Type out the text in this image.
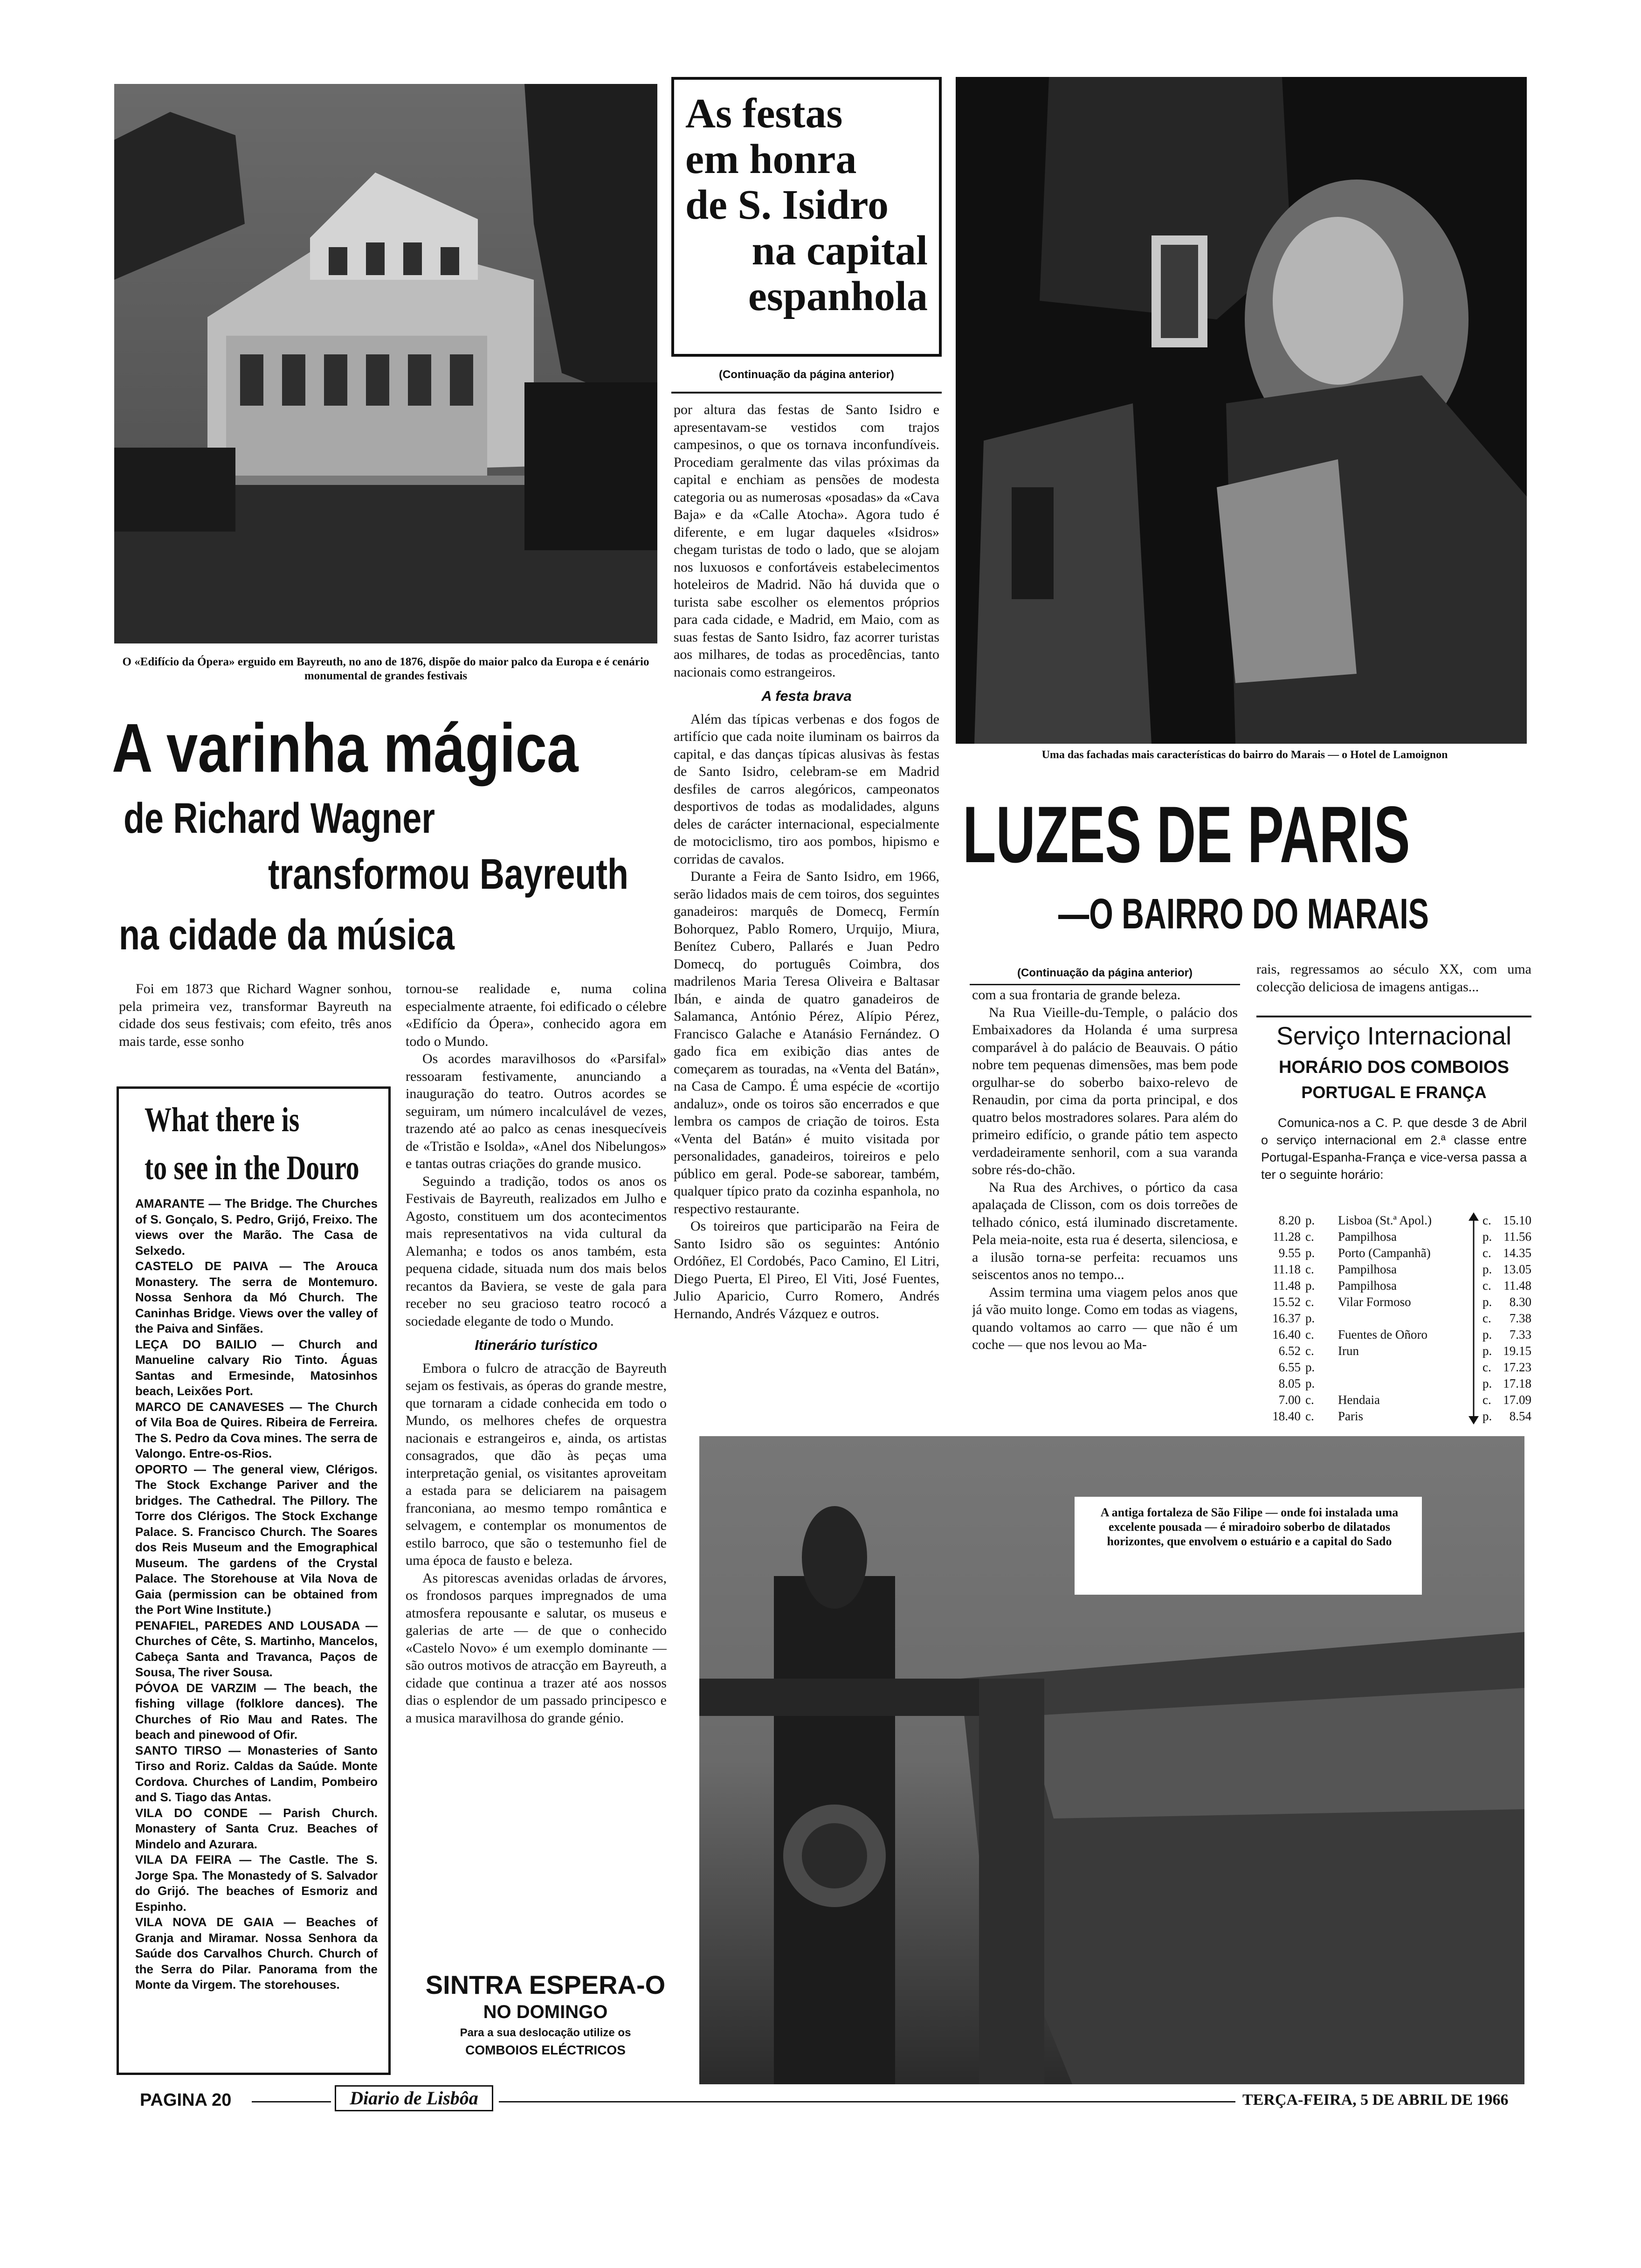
O «Edifício da Ópera» erguido em Bayreuth, no ano de 1876, dispõe do maior palco da Europa e é cenário monumental de grandes festivais
A varinha mágica
de Richard Wagner
transformou Bayreuth
na cidade da música

Foi em 1873 que Richard Wagner sonhou, pela primeira vez, transformar Bayreuth na cidade dos seus festivais; com efeito, três anos mais tarde, esse sonho

What there is
to see in the Douro

AMARANTE — The Bridge. The Churches of S. Gonçalo, S. Pedro, Grijó, Freixo. The views over the Marão. The Casa de Selxedo.

CASTELO DE PAIVA — The Arouca Monastery. The serra de Montemuro. Nossa Senhora da Mó Church. The Caninhas Bridge. Views over the valley of the Paiva and Sinfães.

LEÇA DO BAILIO — Church and Manueline calvary Rio Tinto. Águas Santas and Ermesinde, Matosinhos beach, Leixões Port.

MARCO DE CANAVESES — The Church of Vila Boa de Quires. Ribeira de Ferreira. The S. Pedro da Cova mines. The serra de Valongo. Entre-os-Rios.

OPORTO — The general view, Clérigos. The Stock Exchange Pariver and the bridges. The Cathedral. The Pillory. The Torre dos Clérigos. The Stock Exchange Palace. S. Francisco Church. The Soares dos Reis Museum and the Emographical Museum. The gardens of the Crystal Palace. The Storehouse at Vila Nova de Gaia (permission can be obtained from the Port Wine Institute.)

PENAFIEL, PAREDES AND LOUSADA — Churches of Cête, S. Martinho, Mancelos, Cabeça Santa and Travanca, Paços de Sousa, The river Sousa.

PÓVOA DE VARZIM — The beach, the fishing village (folklore dances). The Churches of Rio Mau and Rates. The beach and pinewood of Ofir.

SANTO TIRSO — Monasteries of Santo Tirso and Roriz. Caldas da Saúde. Monte Cordova. Churches of Landim, Pombeiro and S. Tiago das Antas.

VILA DO CONDE — Parish Church. Monastery of Santa Cruz. Beaches of Mindelo and Azurara.

VILA DA FEIRA — The Castle. The S. Jorge Spa. The Monastedy of S. Salvador do Grijó. The beaches of Esmoriz and Espinho.

VILA NOVA DE GAIA — Beaches of Granja and Miramar. Nossa Senhora da Saúde dos Carvalhos Church. Church of the Serra do Pilar. Panorama from the Monte da Virgem. The storehouses.

tornou-se realidade e, numa colina especialmente atraente, foi edificado o célebre «Edifício da Ópera», conhecido agora em todo o Mundo.

Os acordes maravilhosos do «Parsifal» ressoaram festivamente, anunciando a inauguração do teatro. Outros acordes se seguiram, um número incalculável de vezes, trazendo até ao palco as cenas inesquecíveis de «Tristão e Isolda», «Anel dos Nibelungos» e tantas outras criações do grande musico.

Seguindo a tradição, todos os anos os Festivais de Bayreuth, realizados em Julho e Agosto, constituem um dos acontecimentos mais representativos na vida cultural da Alemanha; e todos os anos também, esta pequena cidade, situada num dos mais belos recantos da Baviera, se veste de gala para receber no seu gracioso teatro rococó a sociedade elegante de todo o Mundo.

Itinerário turístico

Embora o fulcro de atracção de Bayreuth sejam os festivais, as óperas do grande mestre, que tornaram a cidade conhecida em todo o Mundo, os melhores chefes de orquestra nacionais e estrangeiros e, ainda, os artistas consagrados, que dão às peças uma interpretação genial, os visitantes aproveitam a estada para se deliciarem na paisagem franconiana, ao mesmo tempo romântica e selvagem, e contemplar os monumentos de estilo barroco, que são o testemunho fiel de uma época de fausto e beleza.

As pitorescas avenidas orladas de árvores, os frondosos parques impregnados de uma atmosfera repousante e salutar, os museus e galerias de arte — de que o conhecido «Castelo Novo» é um exemplo dominante — são outros motivos de atracção em Bayreuth, a cidade que continua a trazer até aos nossos dias o esplendor de um passado principesco e a musica maravilhosa do grande génio.

SINTRA ESPERA-O
NO DOMINGO
Para a sua deslocação utilize os
COMBOIOS ELÉCTRICOS
As festas
em honra
de S. Isidro
na capital
espanhola
(Continuação da página anterior)

por altura das festas de Santo Isidro e apresentavam-se vestidos com trajos campesinos, o que os tornava inconfundíveis. Procediam geralmente das vilas próximas da capital e enchiam as pensões de modesta categoria ou as numerosas «posadas» da «Cava Baja» e da «Calle Atocha». Agora tudo é diferente, e em lugar daqueles «Isidros» chegam turistas de todo o lado, que se alojam nos luxuosos e confortáveis estabelecimentos hoteleiros de Madrid. Não há duvida que o turista sabe escolher os elementos próprios para cada cidade, e Madrid, em Maio, com as suas festas de Santo Isidro, faz acorrer turistas aos milhares, de todas as procedências, tanto nacionais como estrangeiros.

A festa brava

Além das típicas verbenas e dos fogos de artifício que cada noite iluminam os bairros da capital, e das danças típicas alusivas às festas de Santo Isidro, celebram-se em Madrid desfiles de carros alegóricos, campeonatos desportivos de todas as modalidades, alguns deles de carácter internacional, especialmente de motociclismo, tiro aos pombos, hipismo e corridas de cavalos.

Durante a Feira de Santo Isidro, em 1966, serão lidados mais de cem toiros, dos seguintes ganadeiros: marquês de Domecq, Fermín Bohorquez, Pablo Romero, Urquijo, Miura, Benítez Cubero, Pallarés e Juan Pedro Domecq, do português Coimbra, dos madrilenos Maria Teresa Oliveira e Baltasar Ibán, e ainda de quatro ganadeiros de Salamanca, António Pérez, Alípio Pérez, Francisco Galache e Atanásio Fernández. O gado fica em exibição dias antes de começarem as touradas, na «Venta del Batán», na Casa de Campo. É uma espécie de «cortijo andaluz», onde os toiros são encerrados e que lembra os campos de criação de toiros. Esta «Venta del Batán» é muito visitada por personalidades, ganadeiros, toireiros e pelo público em geral. Pode-se saborear, também, qualquer típico prato da cozinha espanhola, no respectivo restaurante.

Os toireiros que participarão na Feira de Santo Isidro são os seguintes: António Ordóñez, El Cordobés, Paco Camino, El Litri, Diego Puerta, El Pireo, El Viti, José Fuentes, Julio Aparicio, Curro Romero, Andrés Hernando, Andrés Vázquez e outros.

Uma das fachadas mais características do bairro do Marais — o Hotel de Lamoignon
LUZES DE PARIS
—O BAIRRO DO MARAIS
(Continuação da página anterior)

com a sua frontaria de grande beleza.

Na Rua Vieille-du-Temple, o palácio dos Embaixadores da Holanda é uma surpresa comparável à do palácio de Beauvais. O pátio nobre tem pequenas dimensões, mas bem pode orgulhar-se do soberbo baixo-relevo de Renaudin, por cima da porta principal, e dos quatro belos mostradores solares. Para além do primeiro edifício, o grande pátio tem aspecto verdadeiramente senhoril, com a sua varanda sobre rés-do-chão.

Na Rua des Archives, o pórtico da casa apalaçada de Clisson, com os dois torreões de telhado cónico, está iluminado discretamente. Pela meia-noite, esta rua é deserta, silenciosa, e a ilusão torna-se perfeita: recuamos uns seiscentos anos no tempo...

Assim termina uma viagem pelos anos que já vão muito longe. Como em todas as viagens, quando voltamos ao carro — que não é um coche — que nos levou ao Ma-

rais, regressamos ao século XX, com uma colecção deliciosa de imagens antigas...

Serviço Internacional
HORÁRIO DOS COMBOIOS
PORTUGAL E FRANÇA

Comunica-nos a C. P. que desde 3 de Abril o serviço internacional em 2.ª classe entre Portugal-Espanha-França e vice-versa passa a ter o seguinte horário:

8.20
11.28
9.55
11.18
11.48
15.52
16.37
16.40
6.52
6.55
8.05
7.00
18.40
p.
c.
p.
c.
p.
c.
p.
c.
c.
p.
p.
c.
c.
Lisboa (St.ª Apol.)
Pampilhosa
Porto (Campanhã)
Pampilhosa
Pampilhosa
Vilar Formoso
Fuentes de Oñoro
Irun
Hendaia
Paris
c.
p.
c.
p.
c.
p.
c.
p.
p.
c.
p.
c.
p.
15.10
11.56
14.35
13.05
11.48
8.30
7.38
7.33
19.15
17.23
17.18
17.09
8.54
A antiga fortaleza de São Filipe — onde foi instalada uma excelente pousada — é miradoiro soberbo de dilatados horizontes, que envolvem o estuário e a capital do Sado
PAGINA 20	Diario de Lisbôa	TERÇA-FEIRA, 5 DE ABRIL DE 1966
